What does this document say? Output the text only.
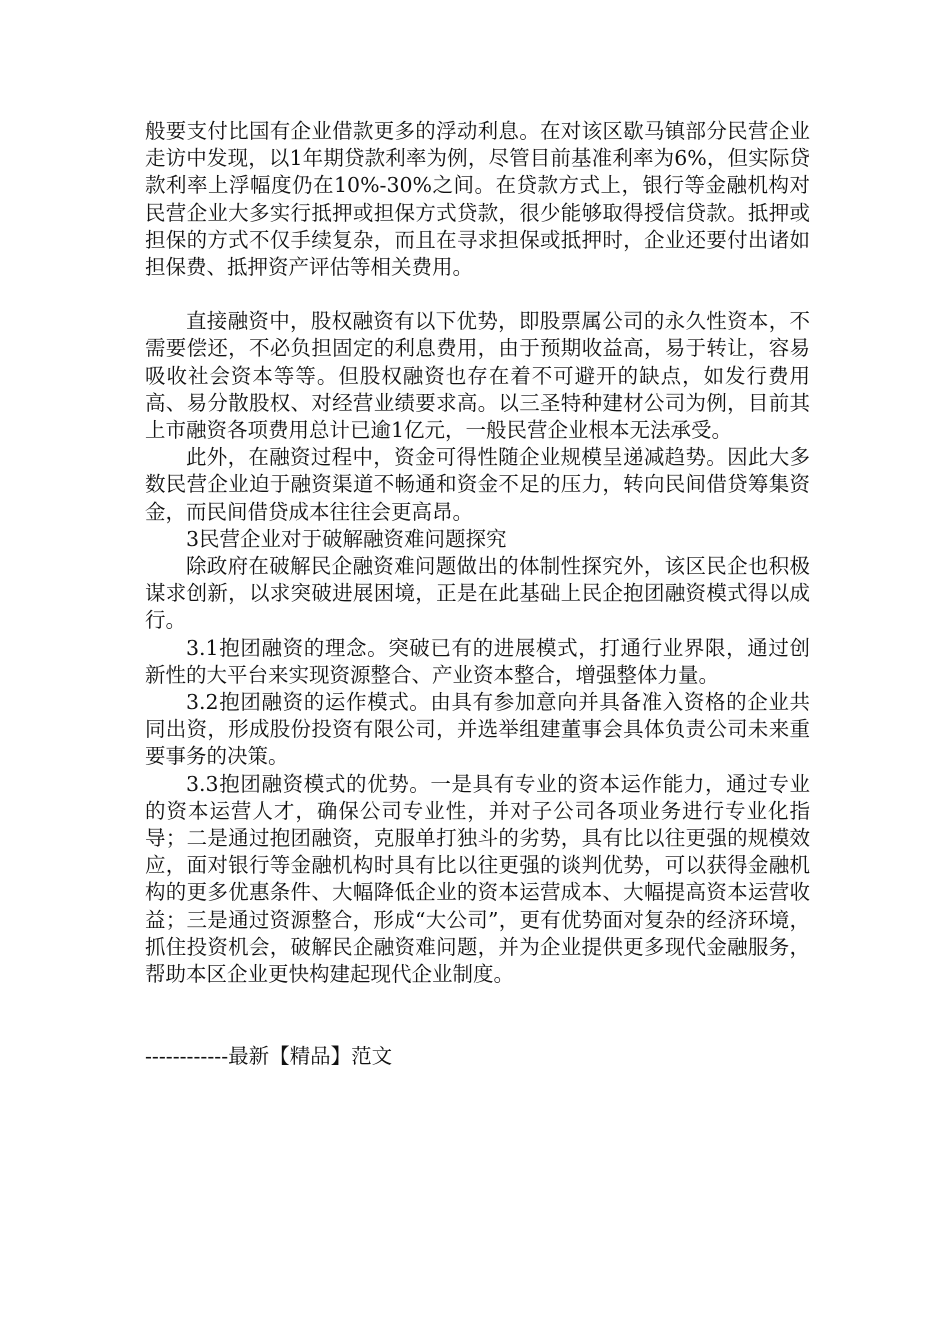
般要支付比国有企业借款更多的浮动利息。在对该区歇马镇部分民营企业走访中发现，以1年期贷款利率为例，尽管目前基准利率为6%，但实际贷款利率上浮幅度仍在10%-30%之间。在贷款方式上，银行等金融机构对民营企业大多实行抵押或担保方式贷款，很少能够取得授信贷款。抵押或担保的方式不仅手续复杂，而且在寻求担保或抵押时，企业还要付出诸如担保费、抵押资产评估等相关费用。

直接融资中，股权融资有以下优势，即股票属公司的永久性资本，不需要偿还，不必负担固定的利息费用，由于预期收益高，易于转让，容易吸收社会资本等等。但股权融资也存在着不可避开的缺点，如发行费用高、易分散股权、对经营业绩要求高。以三圣特种建材公司为例，目前其上市融资各项费用总计已逾1亿元，一般民营企业根本无法承受。

此外，在融资过程中，资金可得性随企业规模呈递减趋势。因此大多数民营企业迫于融资渠道不畅通和资金不足的压力，转向民间借贷筹集资金，而民间借贷成本往往会更高昂。

3民营企业对于破解融资难问题探究

除政府在破解民企融资难问题做出的体制性探究外，该区民企也积极谋求创新，以求突破进展困境，正是在此基础上民企抱团融资模式得以成行。

3.1抱团融资的理念。突破已有的进展模式，打通行业界限，通过创新性的大平台来实现资源整合、产业资本整合，增强整体力量。

3.2抱团融资的运作模式。由具有参加意向并具备准入资格的企业共同出资，形成股份投资有限公司，并选举组建董事会具体负责公司未来重要事务的决策。

3.3抱团融资模式的优势。一是具有专业的资本运作能力，通过专业的资本运营人才，确保公司专业性，并对子公司各项业务进行专业化指导；二是通过抱团融资，克服单打独斗的劣势，具有比以往更强的规模效应，面对银行等金融机构时具有比以往更强的谈判优势，可以获得金融机构的更多优惠条件、大幅降低企业的资本运营成本、大幅提高资本运营收益；三是通过资源整合，形成“大公司”，更有优势面对复杂的经济环境，抓住投资机会，破解民企融资难问题，并为企业提供更多现代金融服务，帮助本区企业更快构建起现代企业制度。

------------最新【精品】范文
